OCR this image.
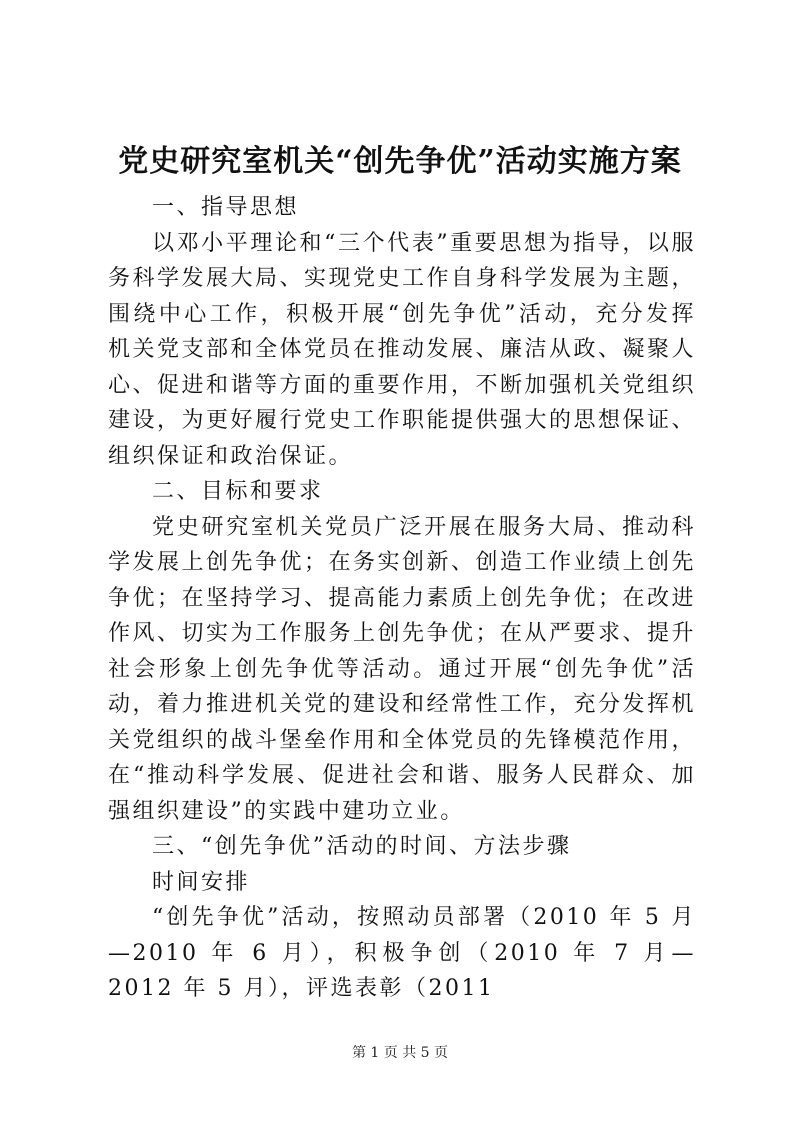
党史研究室机关“创先争优”活动实施方案

一、指导思想

以邓小平理论和“三个代表”重要思想为指导，以服务科学发展大局、实现党史工作自身科学发展为主题，围绕中心工作，积极开展“创先争优”活动，充分发挥机关党支部和全体党员在推动发展、廉洁从政、凝聚人心、促进和谐等方面的重要作用，不断加强机关党组织建设，为更好履行党史工作职能提供强大的思想保证、组织保证和政治保证。

二、目标和要求

党史研究室机关党员广泛开展在服务大局、推动科学发展上创先争优；在务实创新、创造工作业绩上创先争优；在坚持学习、提高能力素质上创先争优；在改进作风、切实为工作服务上创先争优；在从严要求、提升社会形象上创先争优等活动。通过开展“创先争优”活动，着力推进机关党的建设和经常性工作，充分发挥机关党组织的战斗堡垒作用和全体党员的先锋模范作用，在“推动科学发展、促进社会和谐、服务人民群众、加强组织建设”的实践中建功立业。

三、“创先争优”活动的时间、方法步骤

时间安排

“创先争优”活动，按照动员部署（2010 年 5 月—2010 年 6 月），积极争创（2010 年 7 月—2012 年 5 月），评选表彰（2011

第 1 页 共 5 页
